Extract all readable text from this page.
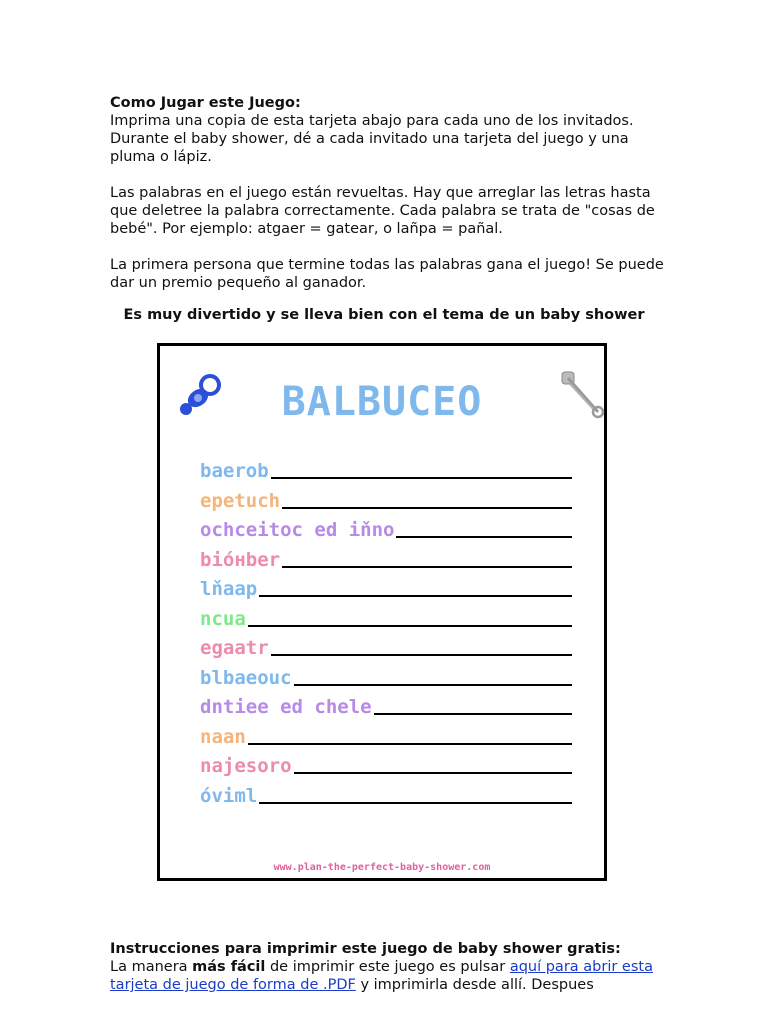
Como Jugar este Juego:

Imprima una copia de esta tarjeta abajo para cada uno de los invitados. Durante el baby shower, dé a cada invitado una tarjeta del juego y una pluma o lápiz.

Las palabras en el juego están revueltas. Hay que arreglar las letras hasta que deletree la palabra correctamente. Cada palabra se trata de "cosas de bebé". Por ejemplo: atgaer = gatear, o lañpa = pañal.

La primera persona que termine todas las palabras gana el juego! Se puede dar un premio pequeño al ganador.

Es muy divertido y se lleva bien con el tema de un baby shower
BALBUCEO
baerob
epetuch
ochceitoc ed iňno
bióнber
lňaap
ncua
egaatr
blbaeouc
dntiee ed chele
naan
najesoro
óviml
www.plan-the-perfect-baby-shower.com
Instrucciones para imprimir este juego de baby shower gratis:

La manera más fácil de imprimir este juego es pulsar aquí para abrir esta tarjeta de juego de forma de .PDF y imprimirla desde allí. Despues
